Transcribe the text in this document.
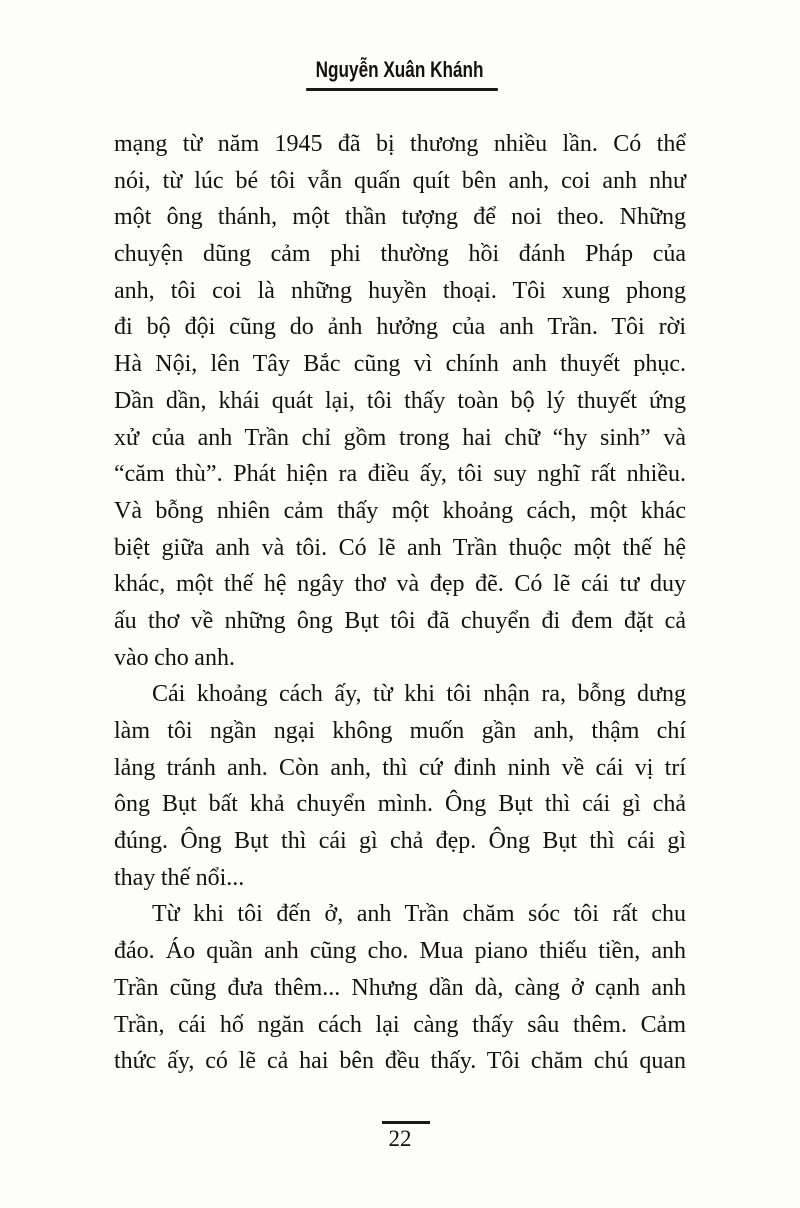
Nguyễn Xuân Khánh
mạng từ năm 1945 đã bị thương nhiều lần. Có thể
nói, từ lúc bé tôi vẫn quấn quít bên anh, coi anh như
một ông thánh, một thần tượng để noi theo. Những
chuyện dũng cảm phi thường hồi đánh Pháp của
anh, tôi coi là những huyền thoại. Tôi xung phong
đi bộ đội cũng do ảnh hưởng của anh Trần. Tôi rời
Hà Nội, lên Tây Bắc cũng vì chính anh thuyết phục.
Dần dần, khái quát lại, tôi thấy toàn bộ lý thuyết ứng
xử của anh Trần chỉ gồm trong hai chữ “hy sinh” và
“căm thù”. Phát hiện ra điều ấy, tôi suy nghĩ rất nhiều.
Và bỗng nhiên cảm thấy một khoảng cách, một khác
biệt giữa anh và tôi. Có lẽ anh Trần thuộc một thế hệ
khác, một thế hệ ngây thơ và đẹp đẽ. Có lẽ cái tư duy
ấu thơ về những ông Bụt tôi đã chuyển đi đem đặt cả
vào cho anh.
Cái khoảng cách ấy, từ khi tôi nhận ra, bỗng dưng
làm tôi ngần ngại không muốn gần anh, thậm chí
lảng tránh anh. Còn anh, thì cứ đinh ninh về cái vị trí
ông Bụt bất khả chuyển mình. Ông Bụt thì cái gì chả
đúng. Ông Bụt thì cái gì chả đẹp. Ông Bụt thì cái gì
thay thế nổi...
Từ khi tôi đến ở, anh Trần chăm sóc tôi rất chu
đáo. Áo quần anh cũng cho. Mua piano thiếu tiền, anh
Trần cũng đưa thêm... Nhưng dần dà, càng ở cạnh anh
Trần, cái hố ngăn cách lại càng thấy sâu thêm. Cảm
thức ấy, có lẽ cả hai bên đều thấy. Tôi chăm chú quan
22
